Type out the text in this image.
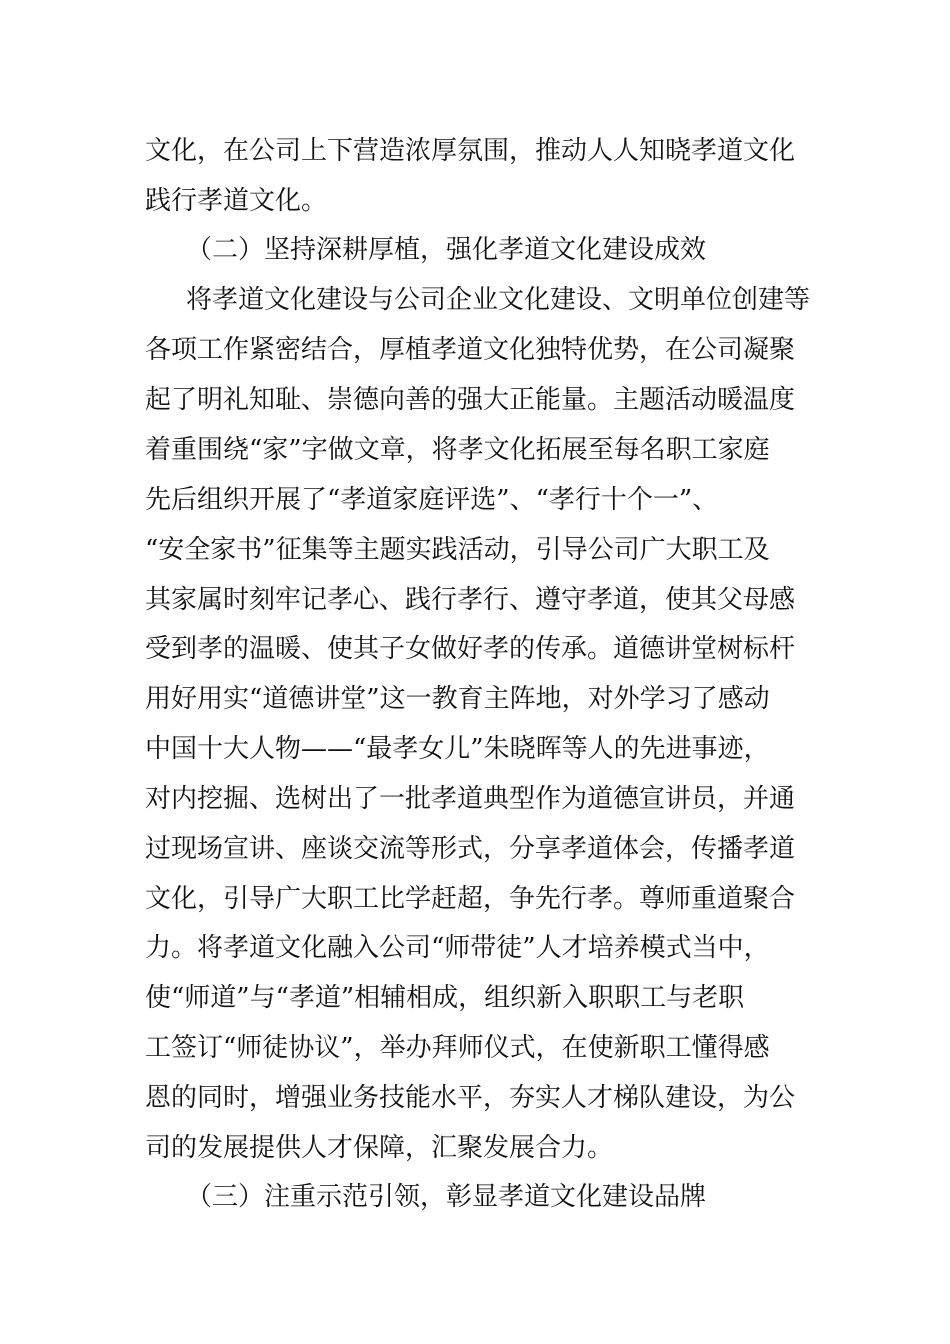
文化，在公司上下营造浓厚氛围，推动人人知晓孝道文化
践行孝道文化。
（二）坚持深耕厚植，强化孝道文化建设成效
将孝道文化建设与公司企业文化建设、文明单位创建等
各项工作紧密结合，厚植孝道文化独特优势，在公司凝聚
起了明礼知耻、崇德向善的强大正能量。主题活动暖温度
着重围绕“家”字做文章，将孝文化拓展至每名职工家庭
先后组织开展了“孝道家庭评选”、“孝行十个一”、
“安全家书”征集等主题实践活动，引导公司广大职工及
其家属时刻牢记孝心、践行孝行、遵守孝道，使其父母感
受到孝的温暖、使其子女做好孝的传承。道德讲堂树标杆
用好用实“道德讲堂”这一教育主阵地，对外学习了感动
中国十大人物——“最孝女儿”朱晓晖等人的先进事迹，
对内挖掘、选树出了一批孝道典型作为道德宣讲员，并通
过现场宣讲、座谈交流等形式，分享孝道体会，传播孝道
文化，引导广大职工比学赶超，争先行孝。尊师重道聚合
力。将孝道文化融入公司“师带徒”人才培养模式当中，
使“师道”与“孝道”相辅相成，组织新入职职工与老职
工签订“师徒协议”，举办拜师仪式，在使新职工懂得感
恩的同时，增强业务技能水平，夯实人才梯队建设，为公
司的发展提供人才保障，汇聚发展合力。
（三）注重示范引领，彰显孝道文化建设品牌
